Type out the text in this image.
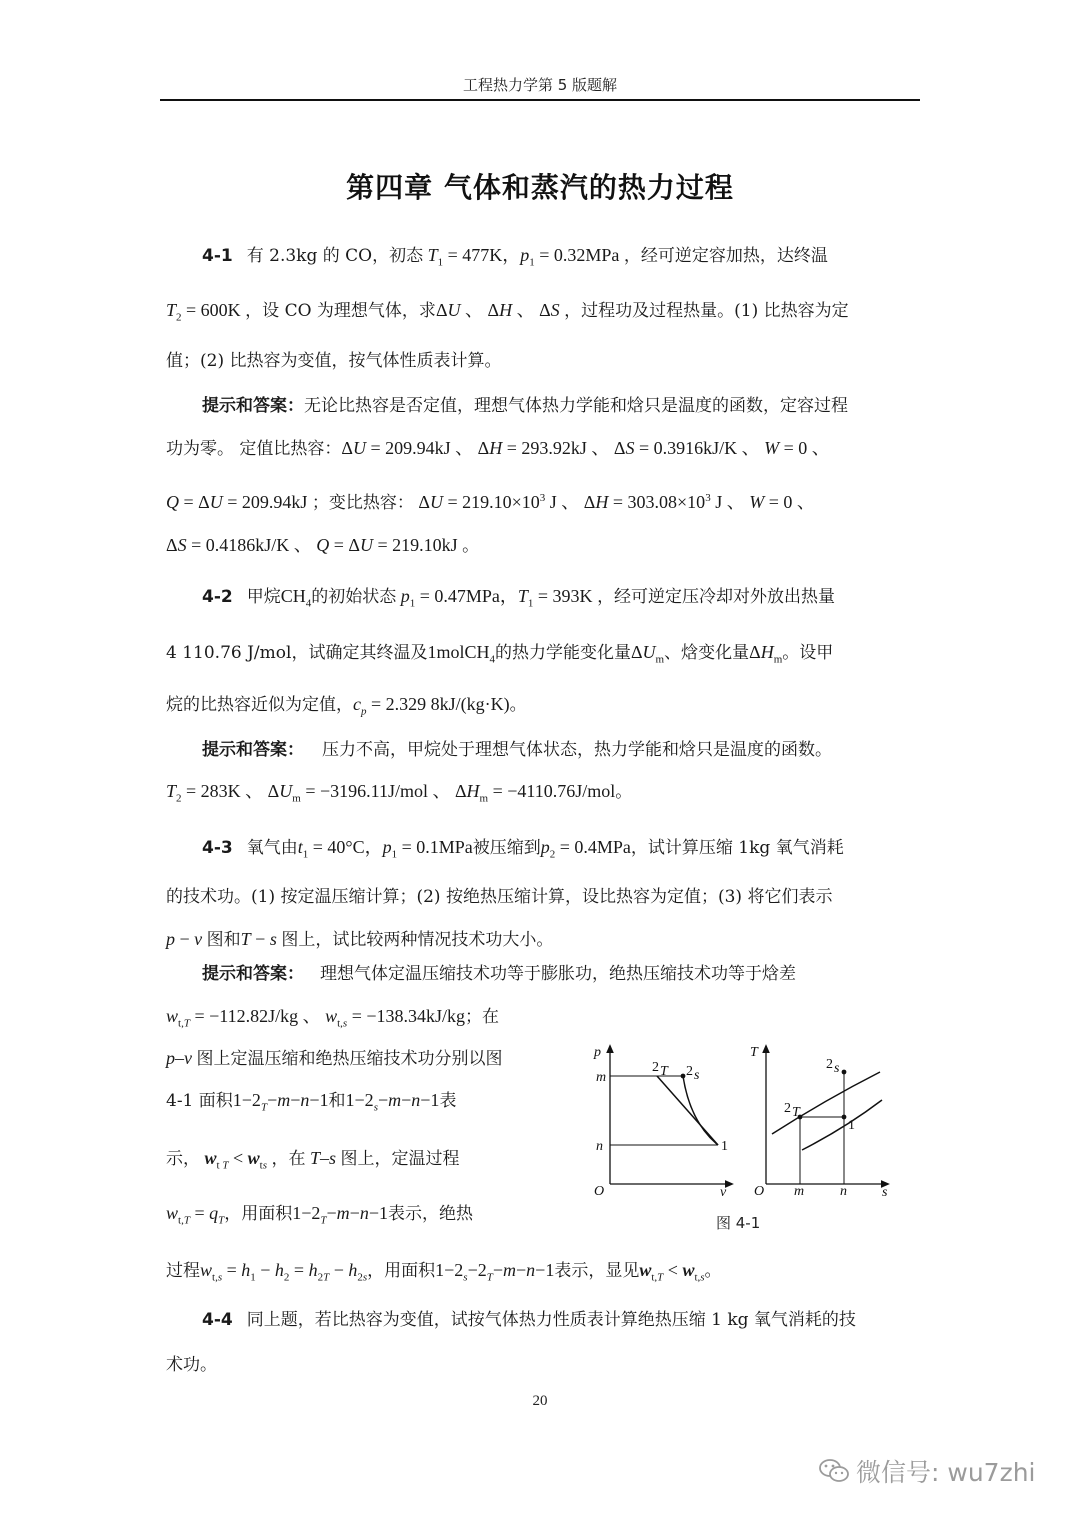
工程热力学第 5 版题解
第四章 气体和蒸汽的热力过程
4-1 有 2.3kg 的 CO，初态 $T_1 = 477K$，$p_1 = 0.32MPa$ ，经可逆定容加热，达终温
$T_2 = 600K$ ，设 CO 为理想气体，求ΔU 、 ΔH 、 ΔS ，过程功及过程热量。(1) 比热容为定
值；(2) 比热容为变值，按气体性质表计算。
提示和答案：无论比热容是否定值，理想气体热力学能和焓只是温度的函数，定容过程
功为零。 定值比热容：ΔU = 209.94kJ 、 ΔH = 293.92kJ 、 ΔS = 0.3916kJ/K 、 W = 0 、
Q = ΔU = 209.94kJ ；变比热容： $\Delta U = 219.10\times 10^3$ J 、 $\Delta H = 303.08\times 10^3$ J 、 W = 0 、
ΔS = 0.4186kJ/K 、 Q = ΔU = 219.10kJ 。
4-2 甲烷$CH_4$的初始状态 $p_1 = 0.47MPa$，$T_1 = 393K$ ，经可逆定压冷却对外放出热量
4 110.76 J/mol，试确定其终温及1molCH$_4$的热力学能变化量$\Delta U_m$、焓变化量$\Delta H_m$。设甲
烷的比热容近似为定值，$c_p = 2.329$ 8kJ/(kg·K)。
提示和答案： 压力不高，甲烷处于理想气体状态，热力学能和焓只是温度的函数。
$T_2 = 283K$ 、 $\Delta U_m = -3196.11J/mol$ 、 $\Delta H_m = -4110.76J/mol$。
4-3 氧气由$t_1 = 40^\circ C$，$p_1 = 0.1MPa$被压缩到$p_2 = 0.4MPa$，试计算压缩 1kg 氧气消耗
的技术功。(1) 按定温压缩计算；(2) 按绝热压缩计算，设比热容为定值；(3) 将它们表示
p − v 图和T − s 图上，试比较两种情况技术功大小。
提示和答案： 理想气体定温压缩技术功等于膨胀功，绝热压缩技术功等于焓差
$w_{t,T} = -112.82J/kg$ 、 $w_{t,s} = -138.34kJ/kg$；在
p–v 图上定温压缩和绝热压缩技术功分别以图
4-1 面积$1-2_T-m-n-1$和$1-2_s-m-n-1$表
示， $w_{t T} < w_{ts}$ ，在 T–s 图上，定温过程
$w_{t,T} = q_T$，用面积$1-2_T-m-n-1$表示，绝热
过程$w_{t,s} = h_1 - h_2 = h_{2T} - h_{2s}$，用面积$1-2_s-2_T-m-n-1$表示，显见$w_{t,T} < w_{t,s}$。
4-4 同上题，若比热容为变值，试按气体热力性质表计算绝热压缩 1 kg 氧气消耗的技
术功。
p
v
O
m
n
2 T 2 s
1
T
s
O m	n
2 s
2 T
1
图 4-1
20
微信号: wu7zhi
